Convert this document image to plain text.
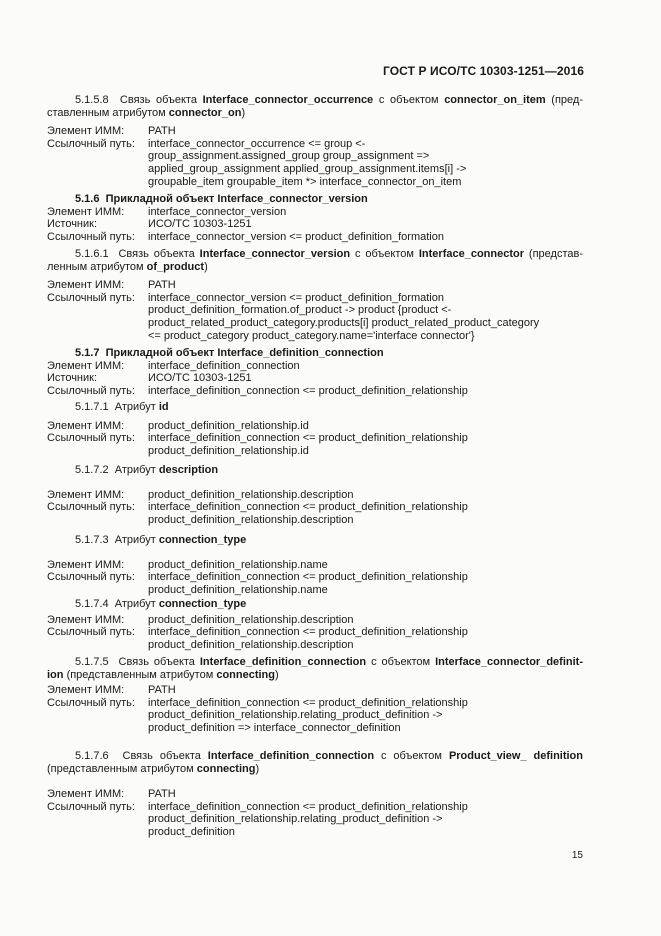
ГОСТ Р ИСО/ТС 10303-1251—2016
5.1.5.8 Связь объекта Interface_connector_occurrence с объектом connector_on_item (пред-
ставленным атрибутом connector_on)
Элемент ИММ: PATH
Ссылочный путь: interface_connector_occurrence <= group <-
group_assignment.assigned_group group_assignment =>
applied_group_assignment applied_group_assignment.items[i] ->
groupable_item groupable_item *> interface_connector_on_item
5.1.6 Прикладной объект Interface_connector_version
Элемент ИММ: interface_connector_version
Источник:	ИСО/ТС 10303-1251
Ссылочный путь: interface_connector_version <= product_definition_formation
5.1.6.1 Связь объекта Interface_connector_version с объектом Interface_connector (представ-
ленным атрибутом of_product)
Элемент ИММ: PATH
Ссылочный путь: interface_connector_version <= product_definition_formation
product_definition_formation.of_product -> product {product <-
product_related_product_category.products[i] product_related_product_category
<= product_category product_category.name='interface connector'}
5.1.7 Прикладной объект Interface_definition_connection
Элемент ИММ: interface_definition_connection
Источник:	ИСО/ТС 10303-1251
Ссылочный путь: interface_definition_connection <= product_definition_relationship
5.1.7.1 Атрибут id
Элемент ИММ: product_definition_relationship.id
Ссылочный путь: interface_definition_connection <= product_definition_relationship
product_definition_relationship.id
5.1.7.2 Атрибут description
Элемент ИММ: product_definition_relationship.description
Ссылочный путь: interface_definition_connection <= product_definition_relationship
product_definition_relationship.description
5.1.7.3 Атрибут connection_type
Элемент ИММ: product_definition_relationship.name
Ссылочный путь: interface_definition_connection <= product_definition_relationship
product_definition_relationship.name
5.1.7.4 Атрибут connection_type
Элемент ИММ: product_definition_relationship.description
Ссылочный путь: interface_definition_connection <= product_definition_relationship
product_definition_relationship.description
5.1.7.5 Связь объекта Interface_definition_connection с объектом Interface_connector_definit-
ion (представленным атрибутом connecting)
Элемент ИММ: PATH
Ссылочный путь: interface_definition_connection <= product_definition_relationship
product_definition_relationship.relating_product_definition ->
product_definition => interface_connector_definition
5.1.7.6 Связь объекта Interface_definition_connection с объектом Product_view_ definition
(представленным атрибутом connecting)
Элемент ИММ: PATH
Ссылочный путь: interface_definition_connection <= product_definition_relationship
product_definition_relationship.relating_product_definition ->
product_definition
15
